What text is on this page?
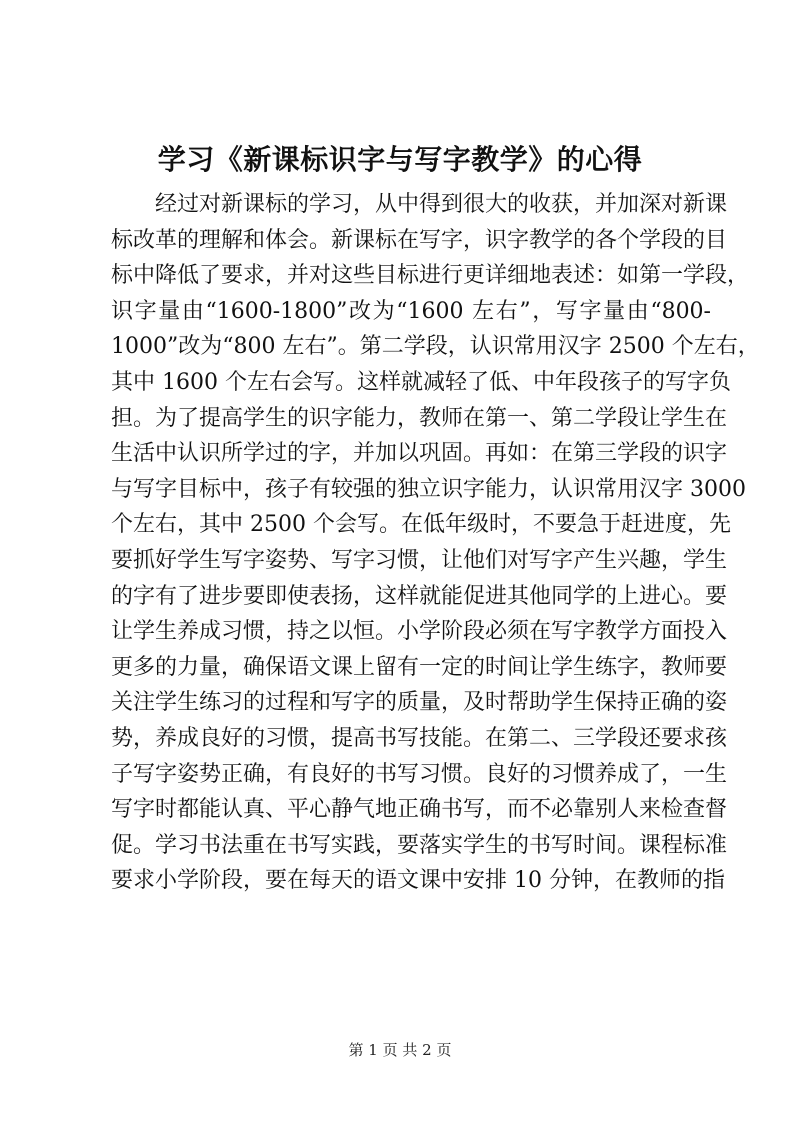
学习《新课标识字与写字教学》的心得
经过对新课标的学习，从中得到很大的收获，并加深对新课
标改革的理解和体会。新课标在写字，识字教学的各个学段的目
标中降低了要求，并对这些目标进行更详细地表述：如第一学段，
识字量由“1600-1800”改为“1600 左右”，写字量由“800-
1000”改为“800 左右”。第二学段，认识常用汉字 2500 个左右，
其中 1600 个左右会写。这样就减轻了低、中年段孩子的写字负
担。为了提高学生的识字能力，教师在第一、第二学段让学生在
生活中认识所学过的字，并加以巩固。再如：在第三学段的识字
与写字目标中，孩子有较强的独立识字能力，认识常用汉字 3000
个左右，其中 2500 个会写。在低年级时，不要急于赶进度，先
要抓好学生写字姿势、写字习惯，让他们对写字产生兴趣，学生
的字有了进步要即使表扬，这样就能促进其他同学的上进心。要
让学生养成习惯，持之以恒。小学阶段必须在写字教学方面投入
更多的力量，确保语文课上留有一定的时间让学生练字，教师要
关注学生练习的过程和写字的质量，及时帮助学生保持正确的姿
势，养成良好的习惯，提高书写技能。在第二、三学段还要求孩
子写字姿势正确，有良好的书写习惯。良好的习惯养成了，一生
写字时都能认真、平心静气地正确书写，而不必靠别人来检查督
促。学习书法重在书写实践，要落实学生的书写时间。课程标准
要求小学阶段，要在每天的语文课中安排 10 分钟，在教师的指
第 1 页 共 2 页
